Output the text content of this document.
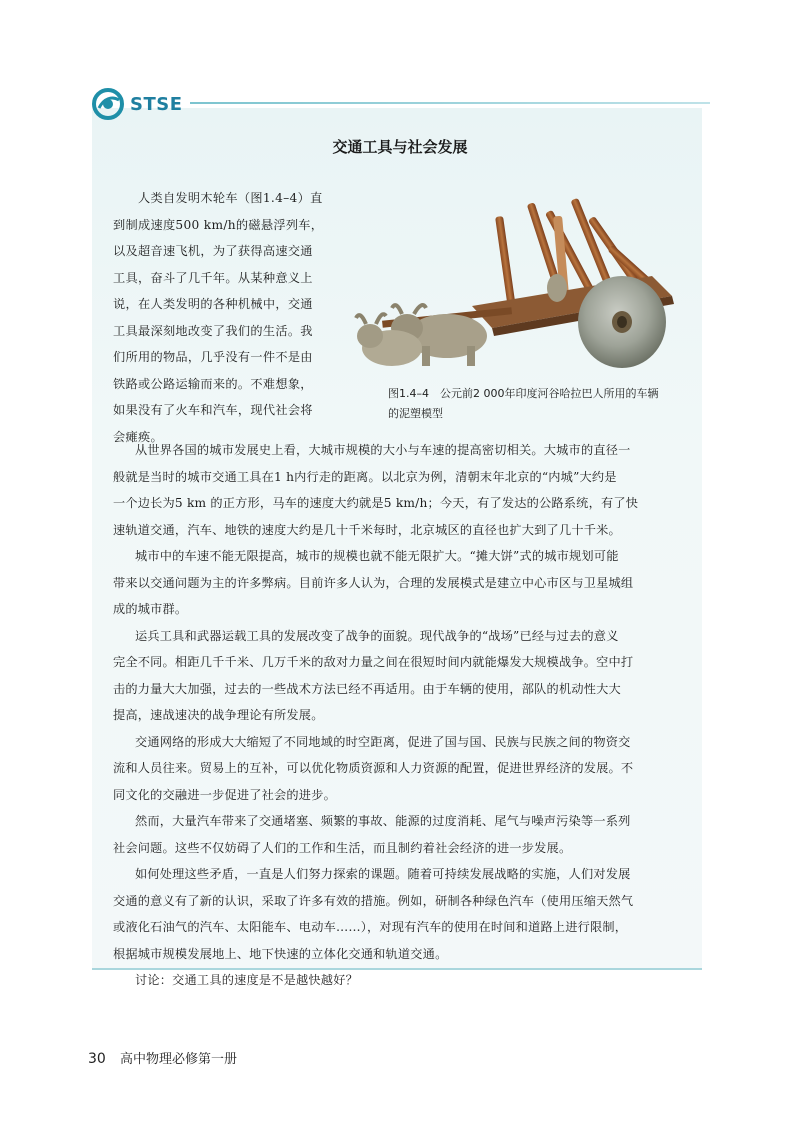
STSE
交通工具与社会发展
　　人类自发明木轮车（图1.4–4）直
到制成速度500 km/h的磁悬浮列车，
以及超音速飞机，为了获得高速交通
工具，奋斗了几千年。从某种意义上
说，在人类发明的各种机械中，交通
工具最深刻地改变了我们的生活。我
们所用的物品，几乎没有一件不是由
铁路或公路运输而来的。不难想象，
如果没有了火车和汽车，现代社会将
会瘫痪。
图1.4–4　公元前2 000年印度河谷哈拉巴人所用的车辆
的泥塑模型
从世界各国的城市发展史上看，大城市规模的大小与车速的提高密切相关。大城市的直径一
般就是当时的城市交通工具在1 h内行走的距离。以北京为例，清朝末年北京的“内城”大约是
一个边长为5 km 的正方形，马车的速度大约就是5 km/h；今天，有了发达的公路系统，有了快
速轨道交通，汽车、地铁的速度大约是几十千米每时，北京城区的直径也扩大到了几十千米。
城市中的车速不能无限提高，城市的规模也就不能无限扩大。“摊大饼”式的城市规划可能
带来以交通问题为主的许多弊病。目前许多人认为，合理的发展模式是建立中心市区与卫星城组
成的城市群。
运兵工具和武器运载工具的发展改变了战争的面貌。现代战争的“战场”已经与过去的意义
完全不同。相距几千千米、几万千米的敌对力量之间在很短时间内就能爆发大规模战争。空中打
击的力量大大加强，过去的一些战术方法已经不再适用。由于车辆的使用，部队的机动性大大
提高，速战速决的战争理论有所发展。
交通网络的形成大大缩短了不同地域的时空距离，促进了国与国、民族与民族之间的物资交
流和人员往来。贸易上的互补，可以优化物质资源和人力资源的配置，促进世界经济的发展。不
同文化的交融进一步促进了社会的进步。
然而，大量汽车带来了交通堵塞、频繁的事故、能源的过度消耗、尾气与噪声污染等一系列
社会问题。这些不仅妨碍了人们的工作和生活，而且制约着社会经济的进一步发展。
如何处理这些矛盾，一直是人们努力探索的课题。随着可持续发展战略的实施，人们对发展
交通的意义有了新的认识，采取了许多有效的措施。例如，研制各种绿色汽车（使用压缩天然气
或液化石油气的汽车、太阳能车、电动车……），对现有汽车的使用在时间和道路上进行限制，
根据城市规模发展地上、地下快速的立体化交通和轨道交通。
讨论：交通工具的速度是不是越快越好？
30 高中物理必修第一册
